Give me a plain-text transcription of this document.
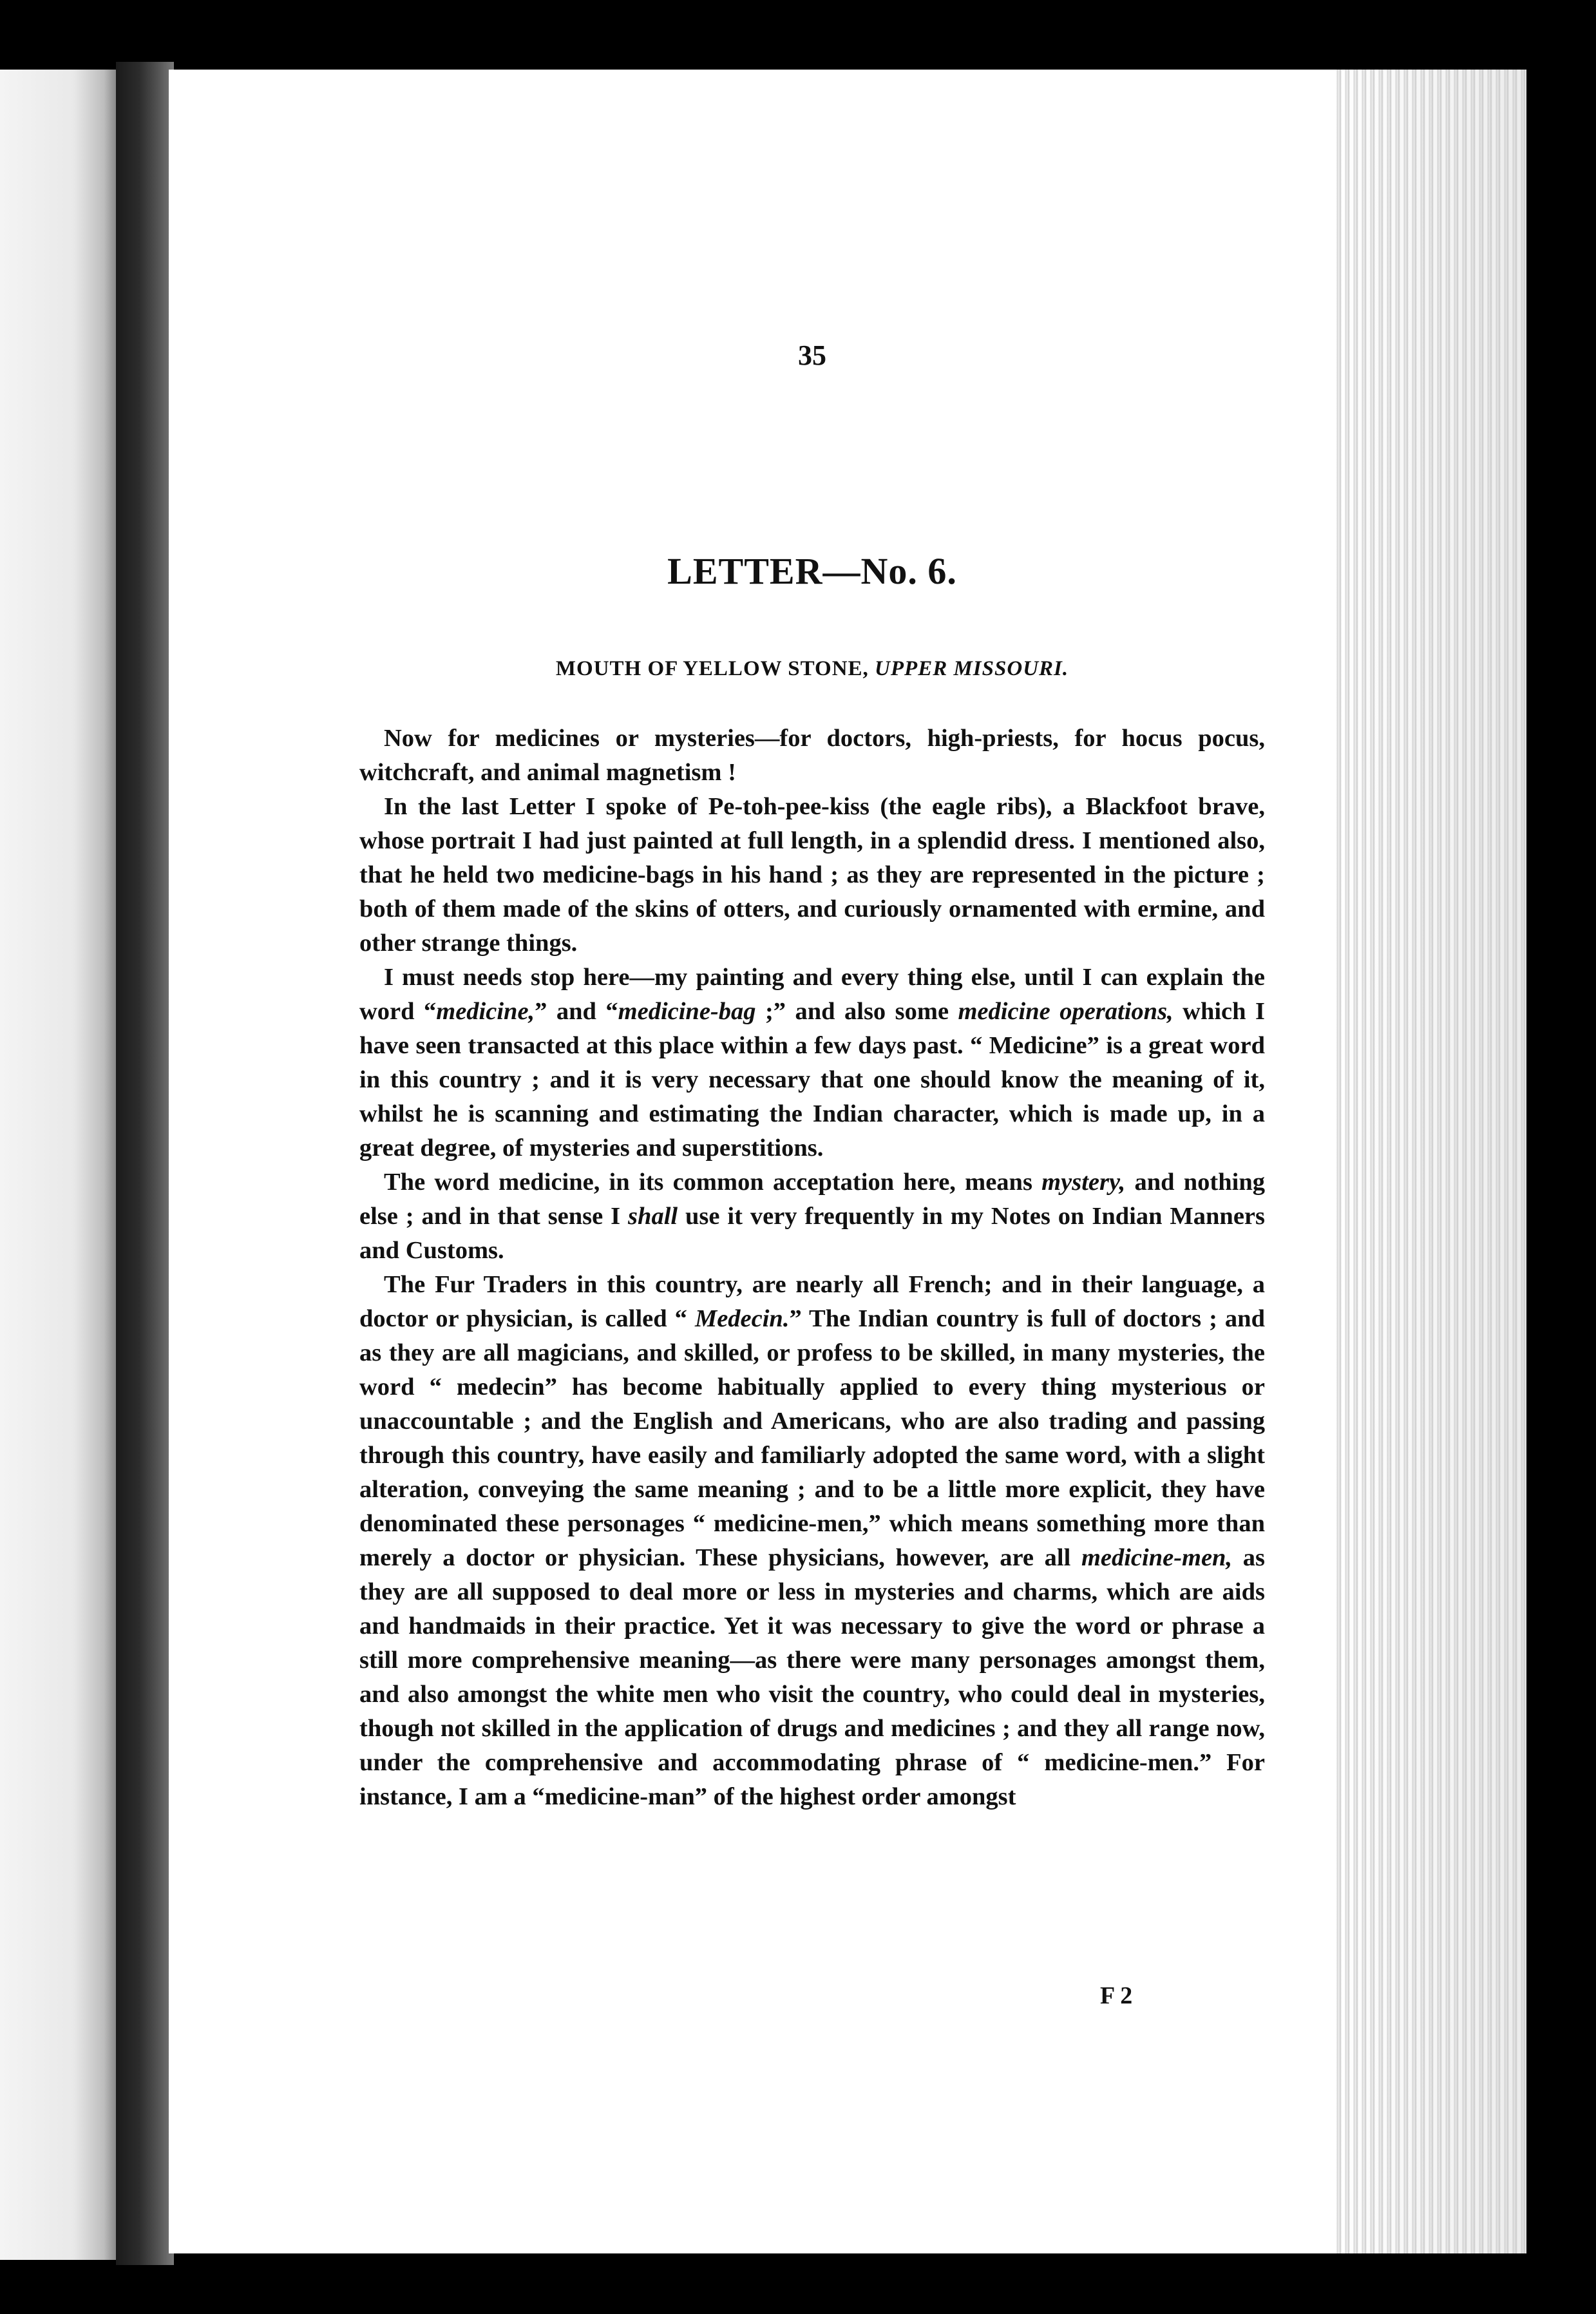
35
LETTER—No. 6.
MOUTH OF YELLOW STONE, UPPER MISSOURI.

Now for medicines or mysteries—for doctors, high-priests, for hocus pocus, witchcraft, and animal magnetism !

In the last Letter I spoke of Pe-toh-pee-kiss (the eagle ribs), a Blackfoot brave, whose portrait I had just painted at full length, in a splendid dress. I mentioned also, that he held two medicine-bags in his hand ; as they are represented in the picture ; both of them made of the skins of otters, and curiously ornamented with ermine, and other strange things.

I must needs stop here—my painting and every thing else, until I can explain the word “medicine,” and “medicine-bag ;” and also some medicine operations, which I have seen transacted at this place within a few days past. “ Medicine” is a great word in this country ; and it is very necessary that one should know the meaning of it, whilst he is scanning and estimating the Indian character, which is made up, in a great degree, of mysteries and superstitions.

The word medicine, in its common acceptation here, means mystery, and nothing else ; and in that sense I shall use it very frequently in my Notes on Indian Manners and Customs.

The Fur Traders in this country, are nearly all French; and in their language, a doctor or physician, is called “ Medecin.” The Indian country is full of doctors ; and as they are all magicians, and skilled, or profess to be skilled, in many mysteries, the word “ medecin” has become habitually applied to every thing mysterious or unaccountable ; and the English and Americans, who are also trading and passing through this country, have easily and familiarly adopted the same word, with a slight alteration, conveying the same meaning ; and to be a little more explicit, they have denominated these personages “ medicine-men,” which means something more than merely a doctor or physician. These physicians, however, are all medicine-men, as they are all supposed to deal more or less in mysteries and charms, which are aids and handmaids in their practice. Yet it was necessary to give the word or phrase a still more comprehensive meaning—as there were many personages amongst them, and also amongst the white men who visit the country, who could deal in mysteries, though not skilled in the application of drugs and medicines ; and they all range now, under the comprehensive and accommodating phrase of “ medicine-men.” For instance, I am a “medicine-man” of the highest order amongst

F 2
